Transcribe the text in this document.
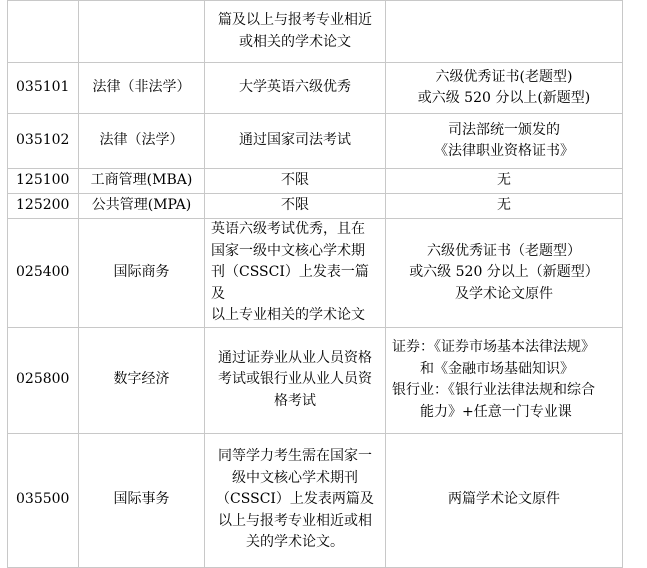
		篇及以上与报考专业相近
或相关的学术论文	

035101	法律（非法学）	大学英语六级优秀	六级优秀证书(老题型)
或六级 520 分以上(新题型)

035102	法律（法学）	通过国家司法考试	司法部统一颁发的
《法律职业资格证书》

125100	工商管理(MBA)	不限	无

125200	公共管理(MPA)	不限	无

025400	国际商务	英语六级考试优秀，且在
国家一级中文核心学术期
刊（CSSCI）上发表一篇及
以上专业相关的学术论文	六级优秀证书（老题型）
或六级 520 分以上（新题型）
及学术论文原件

025800	数字经济	通过证券业从业人员资格
考试或银行业从业人员资
格考试	证券：《证券市场基本法律法规》
和《金融市场基础知识》
银行业：《银行业法律法规和综合
能力》+任意一门专业课

035500	国际事务	同等学力考生需在国家一
级中文核心学术期刊
（CSSCI）上发表两篇及
以上与报考专业相近或相
关的学术论文。	两篇学术论文原件
